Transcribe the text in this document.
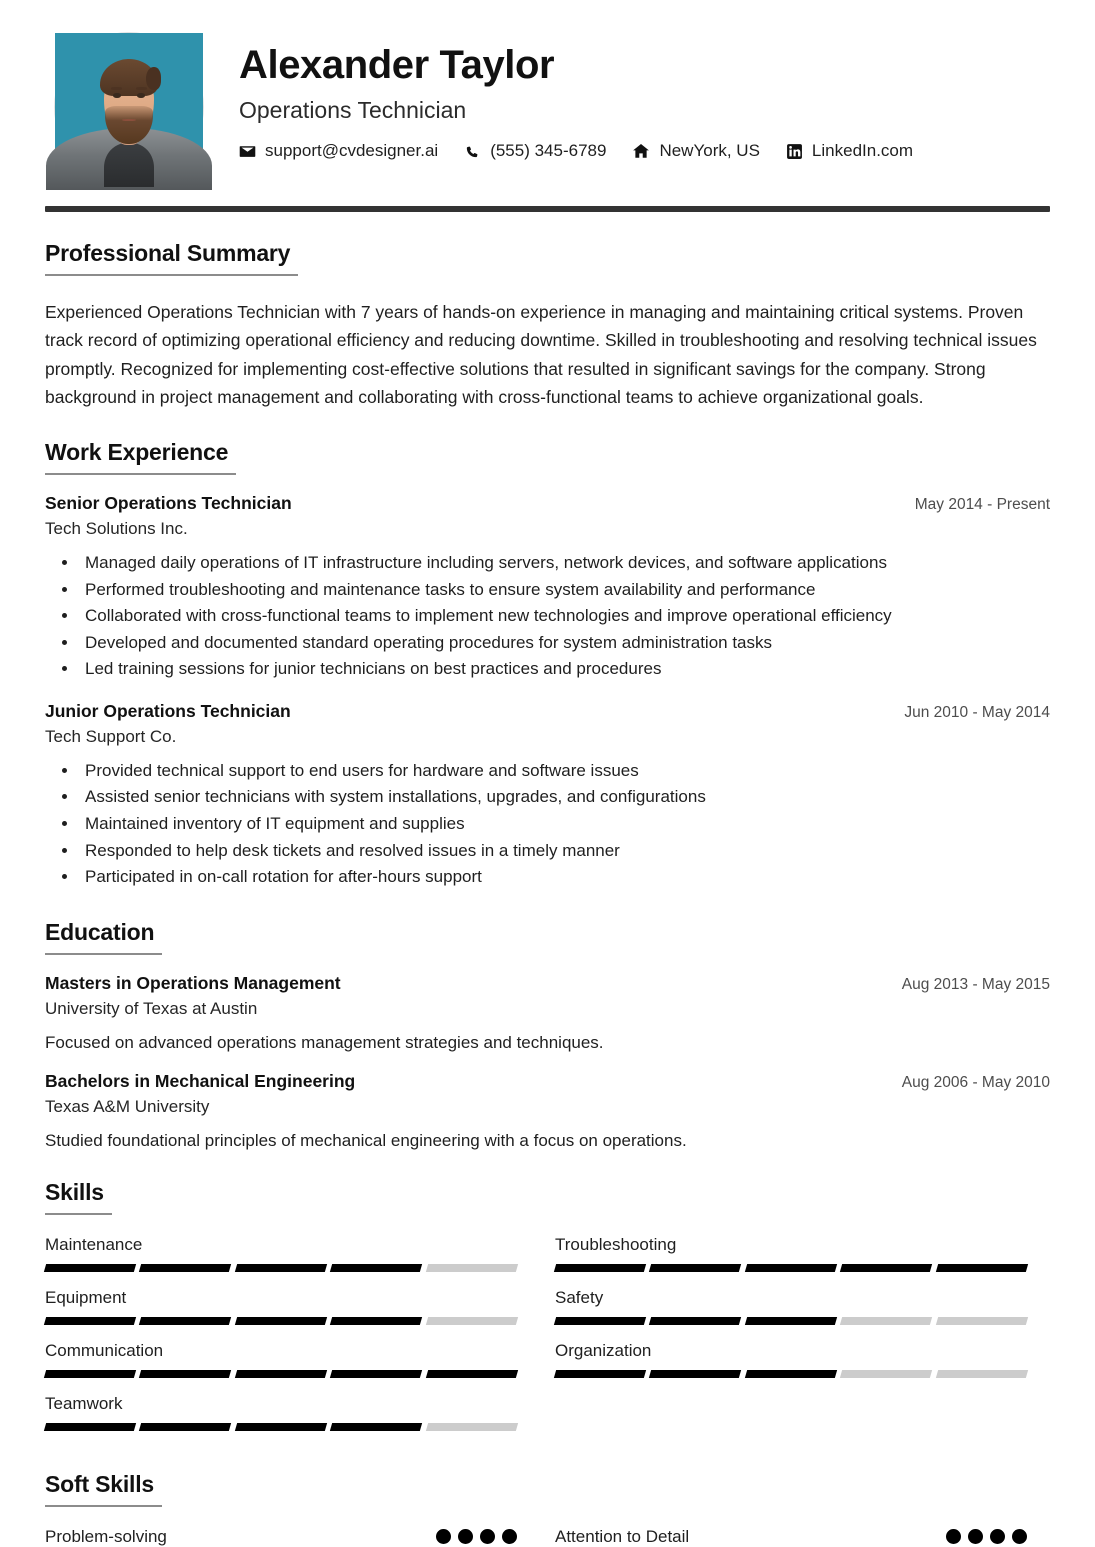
Alexander Taylor
Operations Technician
support@cvdesigner.ai	(555) 345-6789	NewYork, US	LinkedIn.com
Professional Summary

Experienced Operations Technician with 7 years of hands-on experience in managing and maintaining critical systems. Proven track record of optimizing operational efficiency and reducing downtime. Skilled in troubleshooting and resolving technical issues promptly. Recognized for implementing cost-effective solutions that resulted in significant savings for the company. Strong background in project management and collaborating with cross-functional teams to achieve organizational goals.

Work Experience
Senior Operations Technician	May 2014 - Present
Tech Solutions Inc.
• Managed daily operations of IT infrastructure including servers, network devices, and software applications
• Performed troubleshooting and maintenance tasks to ensure system availability and performance
• Collaborated with cross-functional teams to implement new technologies and improve operational efficiency
• Developed and documented standard operating procedures for system administration tasks
• Led training sessions for junior technicians on best practices and procedures
Junior Operations Technician	Jun 2010 - May 2014
Tech Support Co.
• Provided technical support to end users for hardware and software issues
• Assisted senior technicians with system installations, upgrades, and configurations
• Maintained inventory of IT equipment and supplies
• Responded to help desk tickets and resolved issues in a timely manner
• Participated in on-call rotation for after-hours support
Education
Masters in Operations Management	Aug 2013 - May 2015
University of Texas at Austin
Focused on advanced operations management strategies and techniques.
Bachelors in Mechanical Engineering	Aug 2006 - May 2010
Texas A&M University
Studied foundational principles of mechanical engineering with a focus on operations.
Skills
Maintenance	Troubleshooting
Equipment	Safety
Communication	Organization
Teamwork
Soft Skills
Problem-solving	Attention to Detail
